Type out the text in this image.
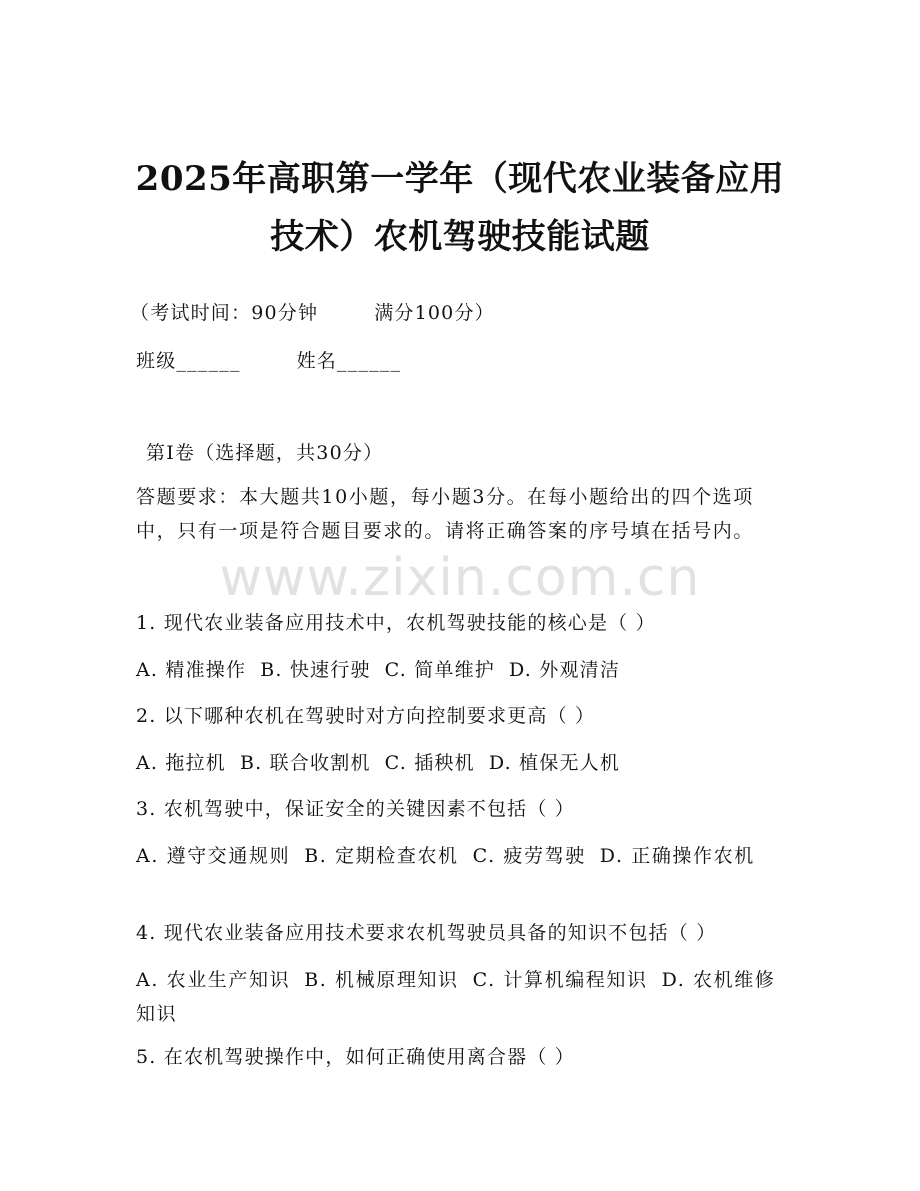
2025年高职第一学年（现代农业装备应用技术）农机驾驶技能试题
（考试时间：90分钟	满分100分）
班级______	姓名______
第I卷（选择题，共30分）
答题要求：本大题共10小题，每小题3分。在每小题给出的四个选项中，只有一项是符合题目要求的。请将正确答案的序号填在括号内。
www.zixin.com.cn
1. 现代农业装备应用技术中，农机驾驶技能的核心是（ ）
A. 精准操作 B. 快速行驶 C. 简单维护 D. 外观清洁
2. 以下哪种农机在驾驶时对方向控制要求更高（ ）
A. 拖拉机 B. 联合收割机 C. 插秧机 D. 植保无人机
3. 农机驾驶中，保证安全的关键因素不包括（ ）
A. 遵守交通规则 B. 定期检查农机 C. 疲劳驾驶 D. 正确操作农机
4. 现代农业装备应用技术要求农机驾驶员具备的知识不包括（ ）
A. 农业生产知识 B. 机械原理知识 C. 计算机编程知识 D. 农机维修知识
5. 在农机驾驶操作中，如何正确使用离合器（ ）
